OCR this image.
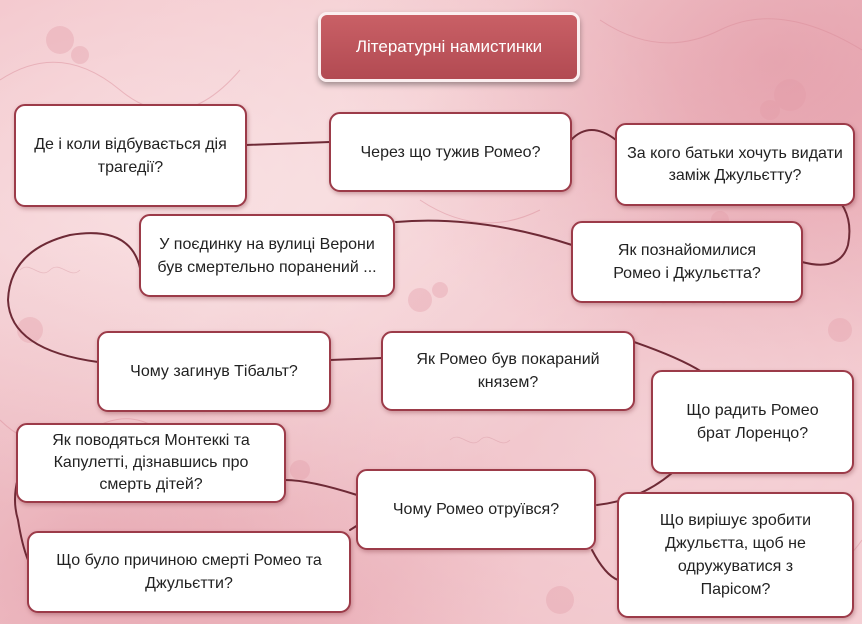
Літературні намистинки
Де і коли відбувається дія трагедії?
Через що тужив Ромео?	За кого батьки хочуть видати заміж Джульєтту?
У поєдинку на вулиці Верони був смертельно поранений ...
Як познайомилися Ромео і Джульєтта?
Чому загинув Тібальт?
Як Ромео був покараний князем?
Що радить Ромео брат Лоренцо?
Як поводяться Монтеккі та Капулетті, дізнавшись про смерть дітей?
Чому Ромео отруївся?
Що вирішує зробити Джульєтта, щоб не одружуватися з Парісом?
Що було причиною смерті Ромео та Джульєтти?
